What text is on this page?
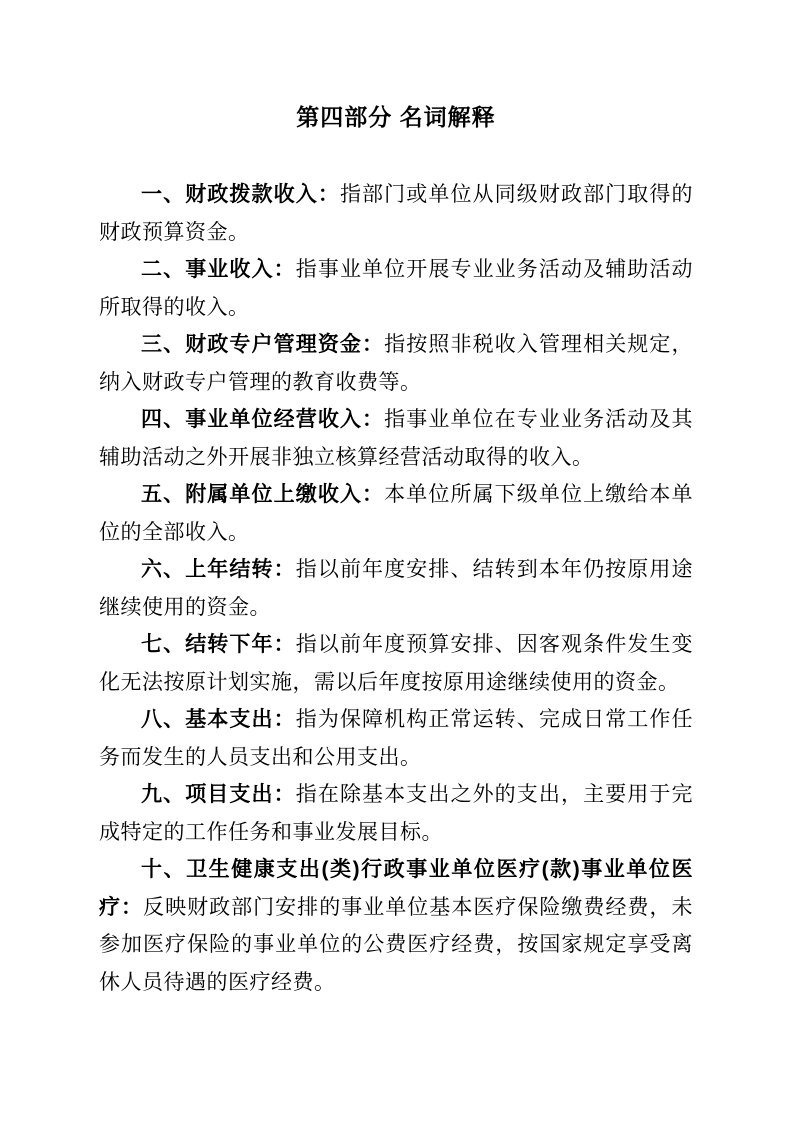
第四部分 名词解释

一、财政拨款收入：指部门或单位从同级财政部门取得的财政预算资金。

二、事业收入：指事业单位开展专业业务活动及辅助活动所取得的收入。

三、财政专户管理资金：指按照非税收入管理相关规定，纳入财政专户管理的教育收费等。

四、事业单位经营收入：指事业单位在专业业务活动及其辅助活动之外开展非独立核算经营活动取得的收入。

五、附属单位上缴收入：本单位所属下级单位上缴给本单位的全部收入。

六、上年结转：指以前年度安排、结转到本年仍按原用途继续使用的资金。

七、结转下年：指以前年度预算安排、因客观条件发生变化无法按原计划实施，需以后年度按原用途继续使用的资金。

八、基本支出：指为保障机构正常运转、完成日常工作任务而发生的人员支出和公用支出。

九、项目支出：指在除基本支出之外的支出，主要用于完成特定的工作任务和事业发展目标。

十、卫生健康支出(类)行政事业单位医疗(款)事业单位医疗：反映财政部门安排的事业单位基本医疗保险缴费经费，未参加医疗保险的事业单位的公费医疗经费，按国家规定享受离休人员待遇的医疗经费。
